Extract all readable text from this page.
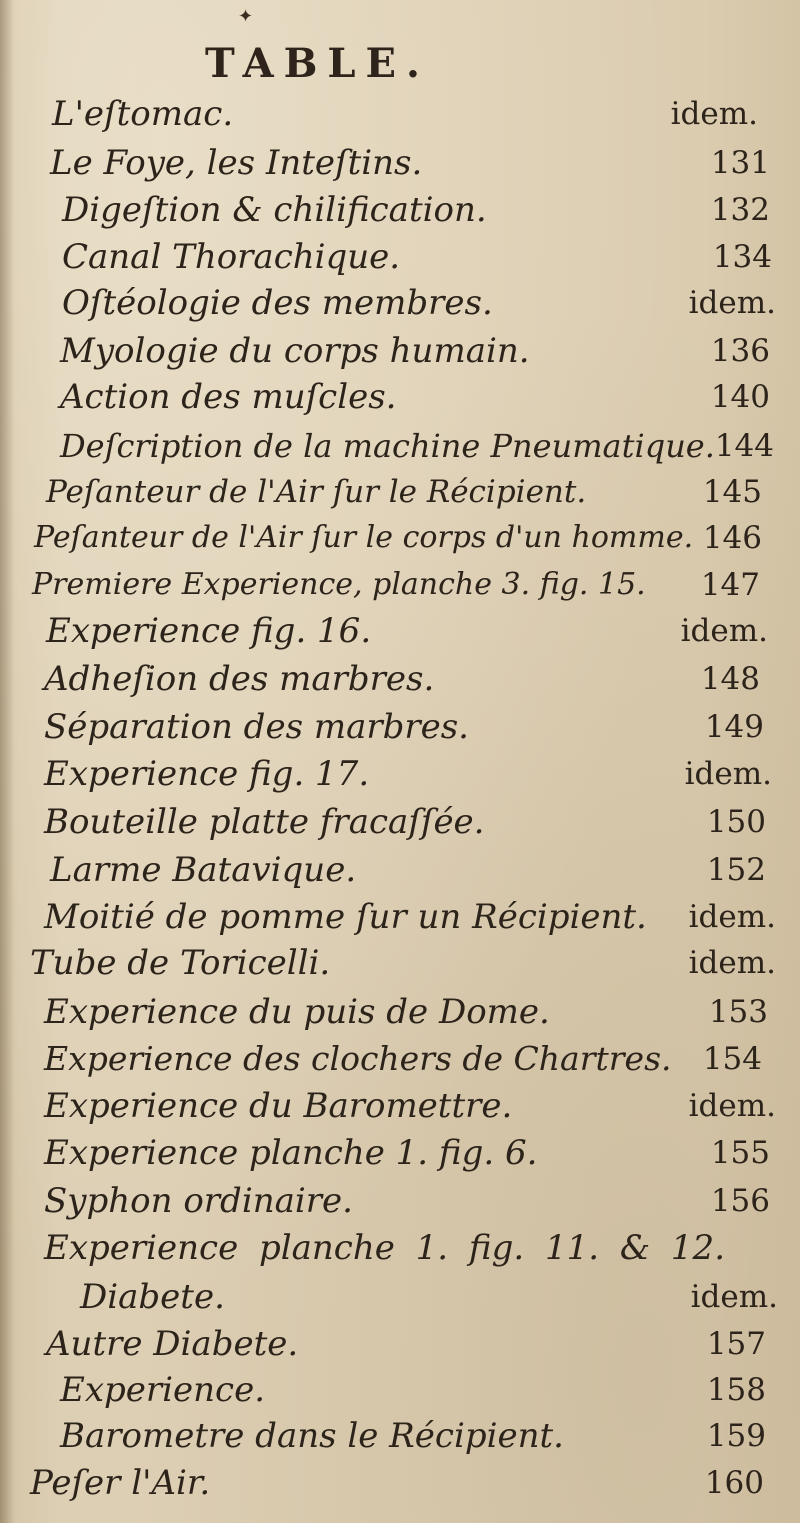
✦
TABLE.
L'eſtomac.	idem.
Le Foye, les Inteſtins.	131
Digeſtion & chilification.	132
Canal Thorachique.	134
Oſtéologie des membres.	idem.
Myologie du corps humain.	136
Action des muſcles.	140
Deſcription de la machine Pneumatique. 144
Peſanteur de l'Air ſur le Récipient.	145
Peſanteur de l'Air ſur le corps d'un homme. 146
Premiere Experience, planche 3. fig. 15. 147
Experience fig. 16.	idem.
Adheſion des marbres.	148
Séparation des marbres.	149
Experience fig. 17.	idem.
Bouteille platte fracaſſée.	150
Larme Batavique.	152
Moitié de pomme ſur un Récipient. idem.
Tube de Toricelli.	idem.
Experience du puis de Dome.	153
Experience des clochers de Chartres. 154
Experience du Baromettre.	idem.
Experience planche 1. fig. 6.	155
Syphon ordinaire.	156
Experience planche 1. fig. 11. & 12.
Diabete.	idem.
Autre Diabete.	157
Experience.	158
Barometre dans le Récipient.	159
Peſer l'Air.	160
